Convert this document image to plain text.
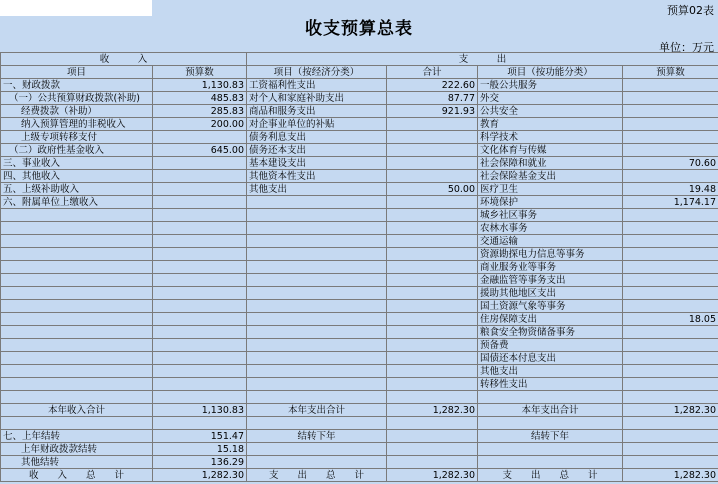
预算02表
收支预算总表
单位：万元
收　　　入		支　　　出			
项目	预算数	项目（按经济分类）	合计	项目（按功能分类）	预算数
一、财政拨款	1,130.83	工资福利性支出	222.60	一般公共服务	
（一）公共预算财政拨款(补助)	485.83	对个人和家庭补助支出	87.77	外交	
经费拨款（补助）	285.83	商品和服务支出	921.93	公共安全	
纳入预算管理的非税收入	200.00	对企事业单位的补贴		教育	
上级专项转移支付		债务利息支出		科学技术	
（二）政府性基金收入	645.00	债务还本支出		文化体育与传媒	
三、事业收入		基本建设支出		社会保障和就业	70.60
四、其他收入		其他资本性支出		社会保险基金支出	
五、上级补助收入		其他支出	50.00	医疗卫生	19.48
六、附属单位上缴收入				环境保护	1,174.17
				城乡社区事务	
				农林水事务	
				交通运输	
				资源勘探电力信息等事务	
				商业服务业等事务	
				金融监管等事务支出	
				援助其他地区支出	
				国土资源气象等事务	
				住房保障支出	18.05
				粮食安全物资储备事务	
				预备费	
				国债还本付息支出	
				其他支出	
				转移性支出	

本年收入合计	1,130.83	本年支出合计	1,282.30	本年支出合计	1,282.30

七、上年结转	151.47	结转下年		结转下年	
上年财政拨款结转	15.18				
其他结转	136.29				
收　　入　　总　　计	1,282.30	支　　出　　总　　计	1,282.30	支　　出　　总　　计	1,282.30
